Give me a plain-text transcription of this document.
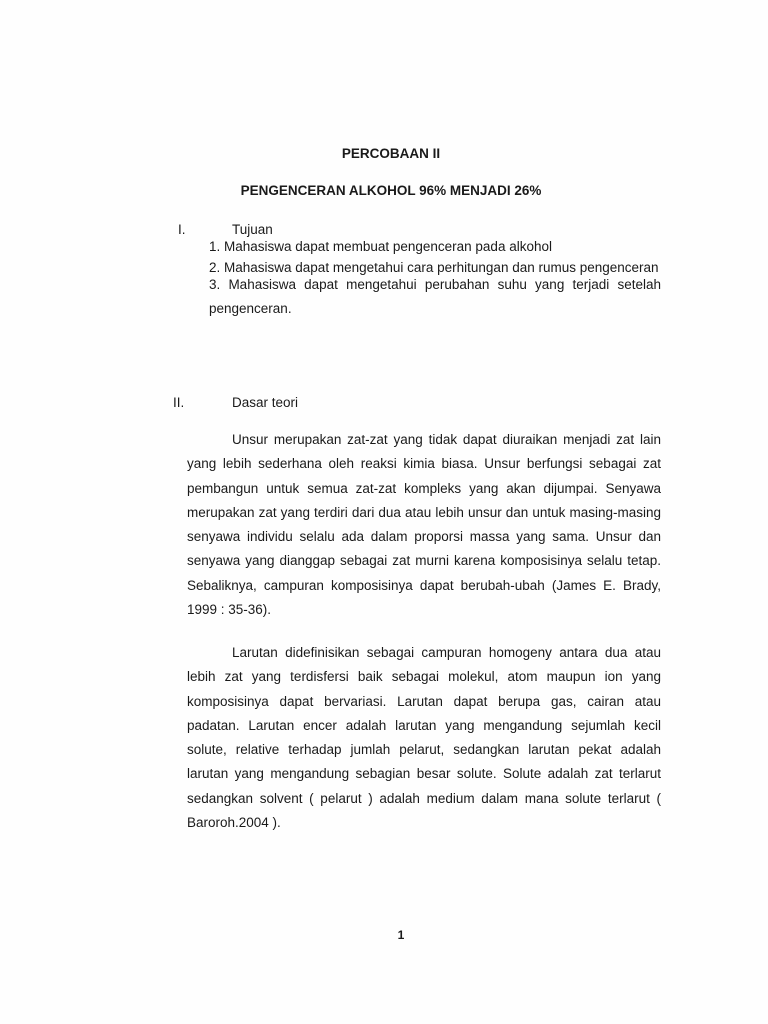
PERCOBAAN II
PENGENCERAN ALKOHOL 96% MENJADI 26%
I.	Tujuan
1. Mahasiswa dapat membuat pengenceran pada alkohol
2. Mahasiswa dapat mengetahui cara perhitungan dan rumus pengenceran
3. Mahasiswa dapat mengetahui perubahan suhu yang terjadi setelah pengenceran.
II.	Dasar teori

Unsur merupakan zat-zat yang tidak dapat diuraikan menjadi zat lain yang lebih sederhana oleh reaksi kimia biasa. Unsur berfungsi sebagai zat pembangun untuk semua zat-zat kompleks yang akan dijumpai. Senyawa merupakan zat yang terdiri dari dua atau lebih unsur dan untuk masing-masing senyawa individu selalu ada dalam proporsi massa yang sama. Unsur dan senyawa yang dianggap sebagai zat murni karena komposisinya selalu tetap. Sebaliknya, campuran komposisinya dapat berubah-ubah (James E. Brady, 1999 : 35-36).

Larutan didefinisikan sebagai campuran homogeny antara dua atau lebih zat yang terdisfersi baik sebagai molekul, atom maupun ion yang komposisinya dapat bervariasi. Larutan dapat berupa gas, cairan atau padatan. Larutan encer adalah larutan yang mengandung sejumlah kecil solute, relative terhadap jumlah pelarut, sedangkan larutan pekat adalah larutan yang mengandung sebagian besar solute. Solute adalah zat terlarut sedangkan solvent ( pelarut ) adalah medium dalam mana solute terlarut ( Baroroh.2004 ).

1
